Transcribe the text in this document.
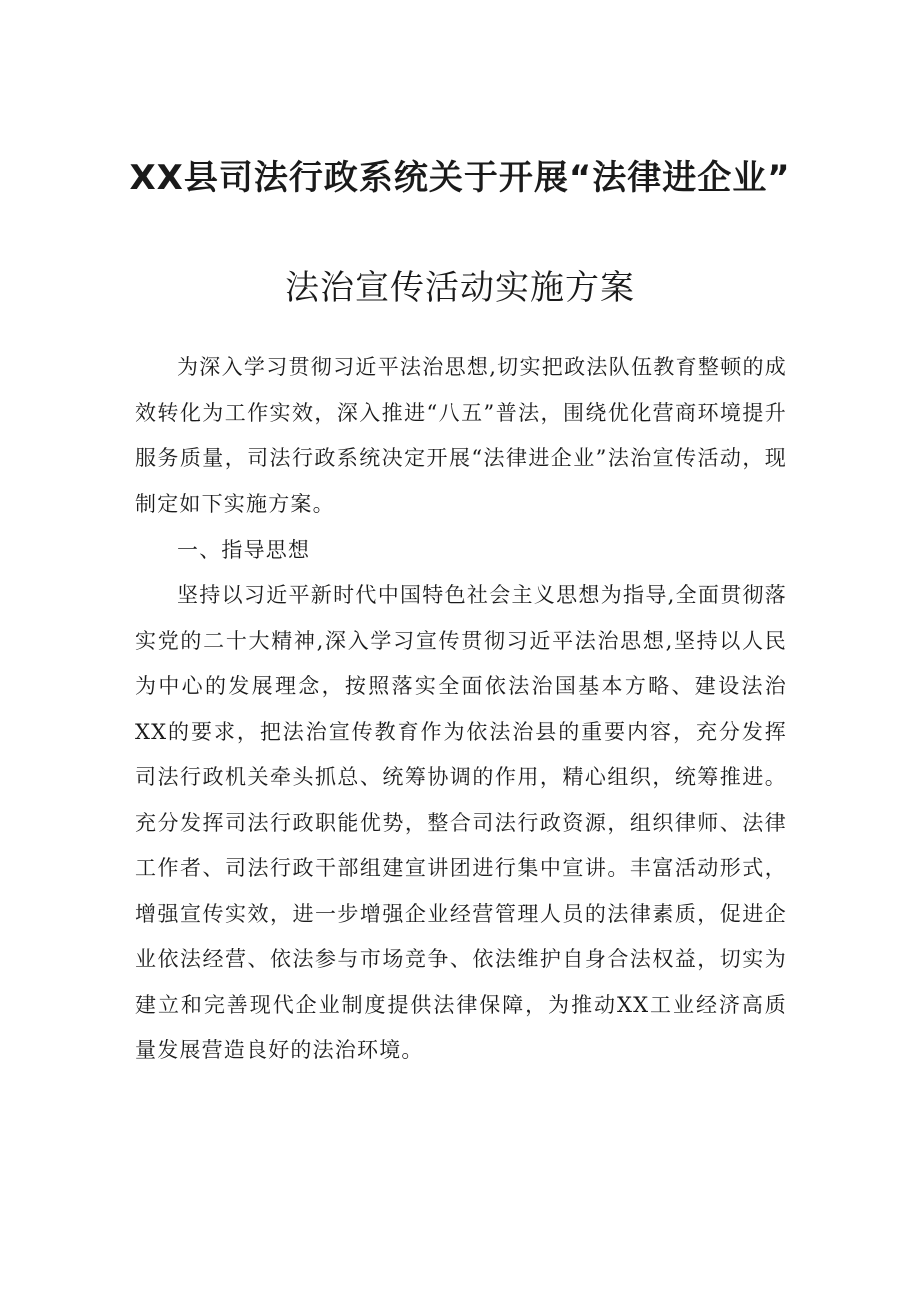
XX县司法行政系统关于开展“法律进企业”
法治宣传活动实施方案

为深入学习贯彻习近平法治思想,切实把政法队伍教育整顿的成效转化为工作实效，深入推进“八五”普法，围绕优化营商环境提升服务质量，司法行政系统决定开展“法律进企业”法治宣传活动，现制定如下实施方案。

一、指导思想

坚持以习近平新时代中国特色社会主义思想为指导,全面贯彻落实党的二十大精神,深入学习宣传贯彻习近平法治思想,坚持以人民为中心的发展理念，按照落实全面依法治国基本方略、建设法治XX的要求，把法治宣传教育作为依法治县的重要内容，充分发挥司法行政机关牵头抓总、统筹协调的作用，精心组织，统筹推进。充分发挥司法行政职能优势，整合司法行政资源，组织律师、法律工作者、司法行政干部组建宣讲团进行集中宣讲。丰富活动形式，增强宣传实效，进一步增强企业经营管理人员的法律素质，促进企业依法经营、依法参与市场竞争、依法维护自身合法权益，切实为建立和完善现代企业制度提供法律保障，为推动XX工业经济高质量发展营造良好的法治环境。
